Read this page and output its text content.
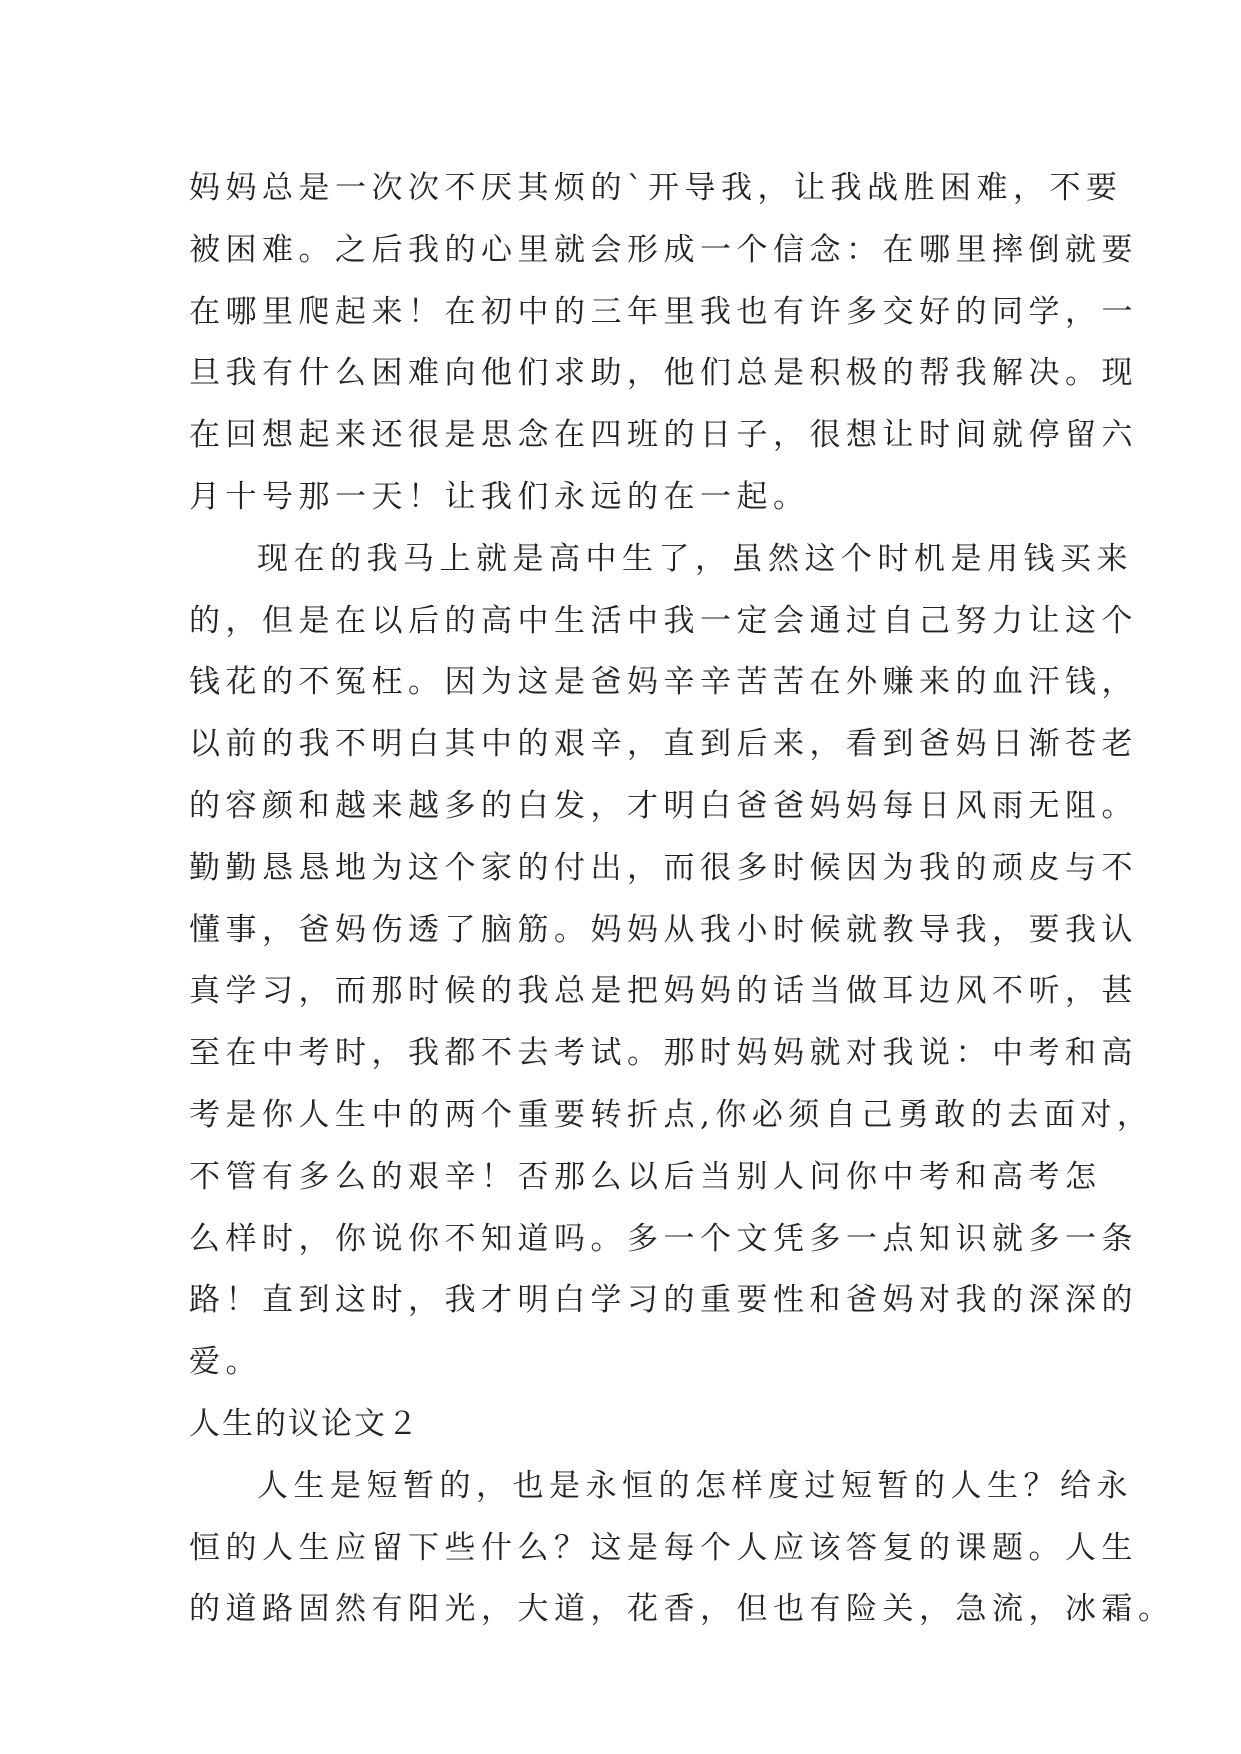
妈妈总是一次次不厌其烦的`开导我，让我战胜困难，不要
被困难。之后我的心里就会形成一个信念：在哪里摔倒就要
在哪里爬起来！在初中的三年里我也有许多交好的同学，一
旦我有什么困难向他们求助，他们总是积极的帮我解决。现
在回想起来还很是思念在四班的日子，很想让时间就停留六
月十号那一天！让我们永远的在一起。
现在的我马上就是高中生了，虽然这个时机是用钱买来
的，但是在以后的高中生活中我一定会通过自己努力让这个
钱花的不冤枉。因为这是爸妈辛辛苦苦在外赚来的血汗钱，
以前的我不明白其中的艰辛，直到后来，看到爸妈日渐苍老
的容颜和越来越多的白发，才明白爸爸妈妈每日风雨无阻。
勤勤恳恳地为这个家的付出，而很多时候因为我的顽皮与不
懂事，爸妈伤透了脑筋。妈妈从我小时候就教导我，要我认
真学习，而那时候的我总是把妈妈的话当做耳边风不听，甚
至在中考时，我都不去考试。那时妈妈就对我说：中考和高
考是你人生中的两个重要转折点,你必须自己勇敢的去面对，
不管有多么的艰辛！否那么以后当别人问你中考和高考怎
么样时，你说你不知道吗。多一个文凭多一点知识就多一条
路！直到这时，我才明白学习的重要性和爸妈对我的深深的
爱。
人生的议论文２
人生是短暂的，也是永恒的怎样度过短暂的人生？给永
恒的人生应留下些什么？这是每个人应该答复的课题。人生
的道路固然有阳光，大道，花香，但也有险关，急流，冰霜。
